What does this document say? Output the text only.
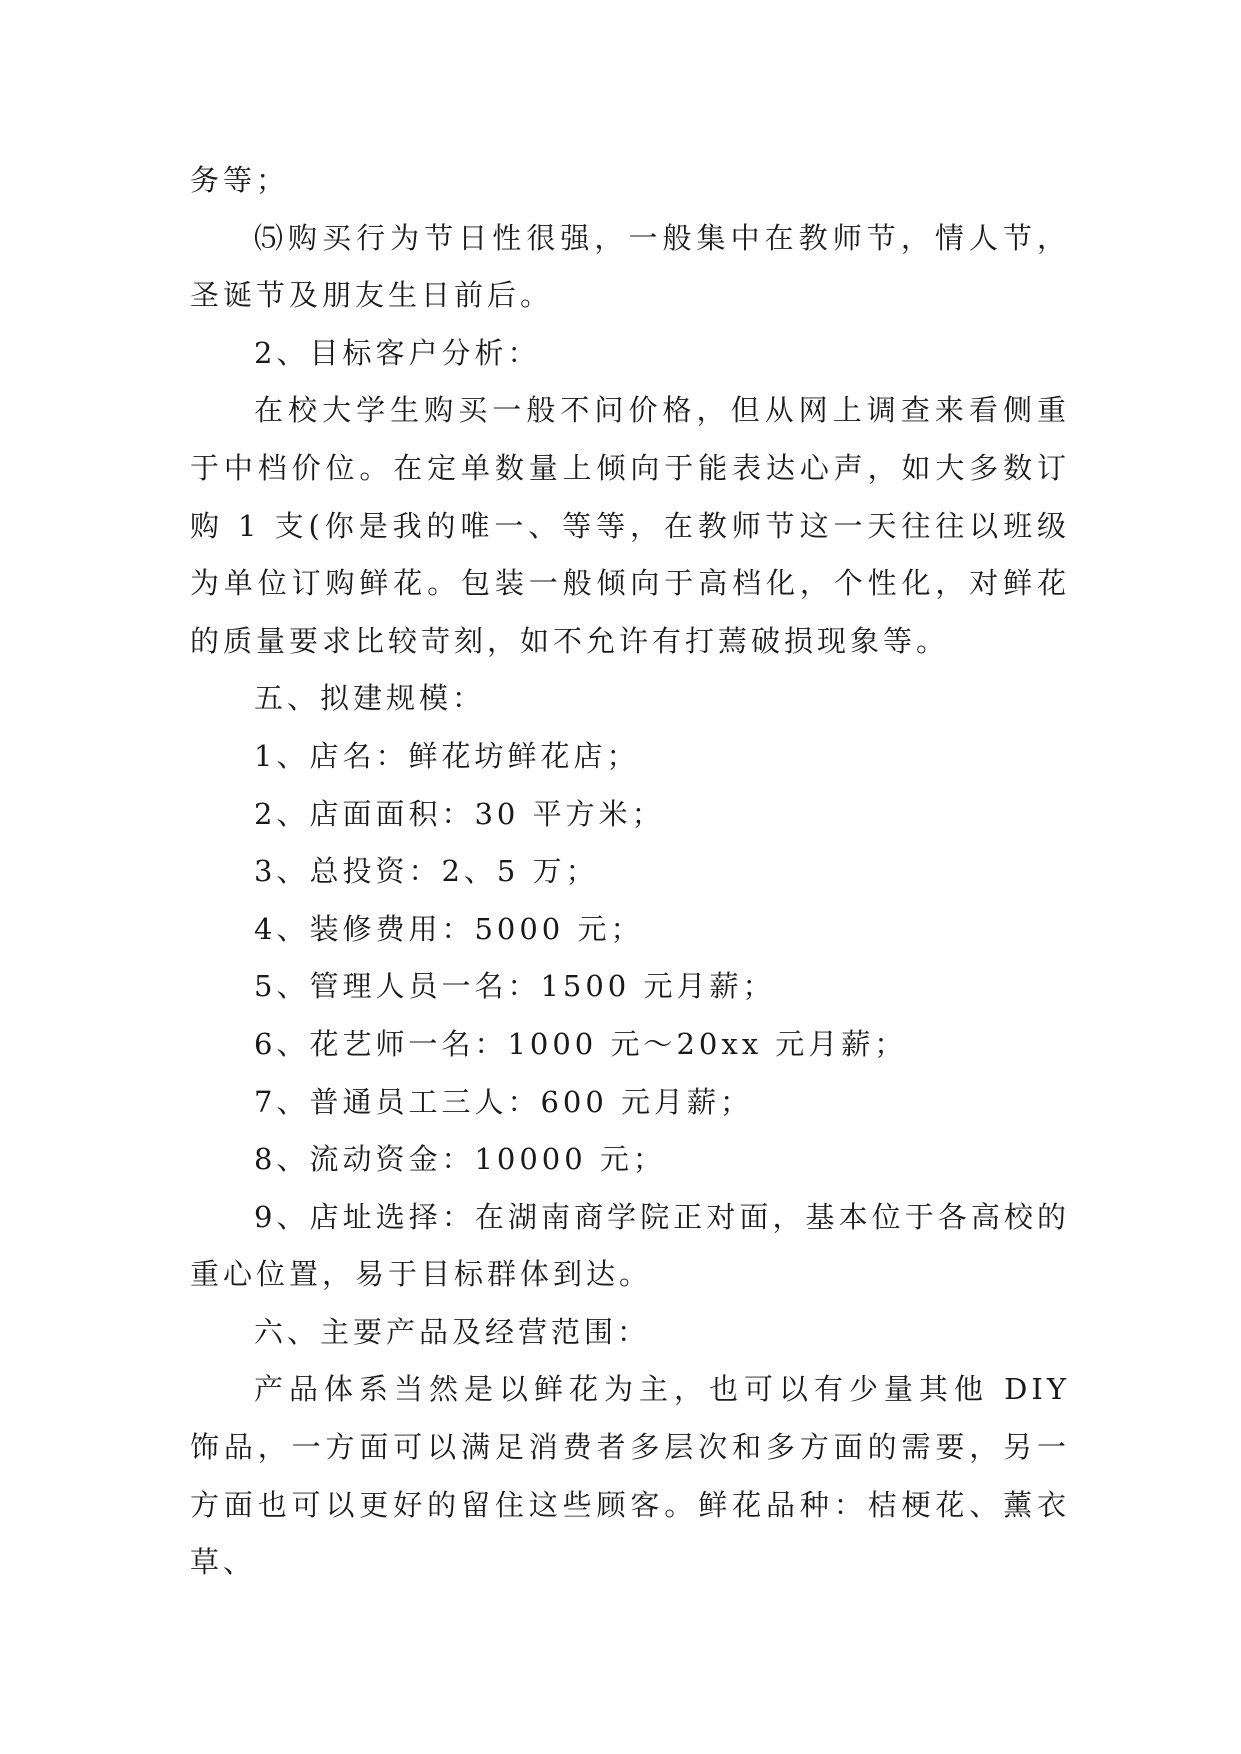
务等；

⑸购买行为节日性很强，一般集中在教师节，情人节，圣诞节及朋友生日前后。

2、目标客户分析：

在校大学生购买一般不问价格，但从网上调查来看侧重于中档价位。在定单数量上倾向于能表达心声，如大多数订购 1 支(你是我的唯一、等等，在教师节这一天往往以班级为单位订购鲜花。包装一般倾向于高档化，个性化，对鲜花的质量要求比较苛刻，如不允许有打蔫破损现象等。

五、拟建规模：

1、店名：鲜花坊鲜花店；

2、店面面积：30 平方米；

3、总投资：2、5 万；

4、装修费用：5000 元；

5、管理人员一名：1500 元月薪；

6、花艺师一名：1000 元～20xx 元月薪；

7、普通员工三人：600 元月薪；

8、流动资金：10000 元；

9、店址选择：在湖南商学院正对面，基本位于各高校的重心位置，易于目标群体到达。

六、主要产品及经营范围：

产品体系当然是以鲜花为主，也可以有少量其他 DIY 饰品，一方面可以满足消费者多层次和多方面的需要，另一方面也可以更好的留住这些顾客。鲜花品种：桔梗花、薰衣草、
